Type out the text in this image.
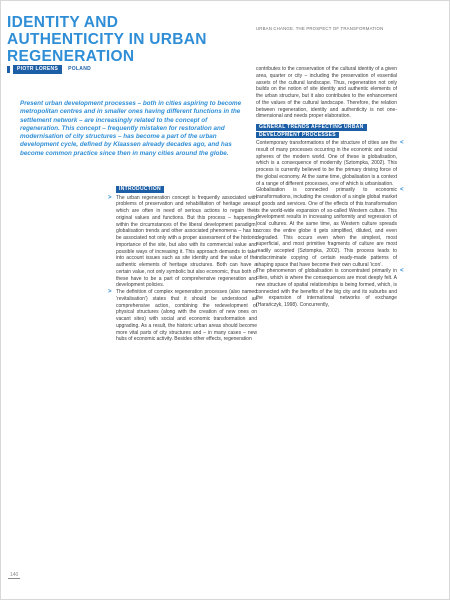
IDENTITY AND AUTHENTICITY IN URBAN REGENERATION
URBAN CHANGE. THE PROSPECT OF TRANSFORMATION
PIOTR LORENS	POLAND
Present urban development processes – both in cities aspiring to become metropolitan centres and in smaller ones having different functions in the settlement network – are increasingly related to the concept of regeneration. This concept – frequently mistaken for restoration and modernisation of city structures – has become a part of the urban development cycle, defined by Klaassen already decades ago, and has become common practice since then in many cities around the globe.
INTRODUCTION
> The urban regeneration concept is frequently associated with problems of preservation and rehabilitation of heritage areas, which are often in need of serious actions to regain their original values and functions. But this process – happening within the circumstances of the liberal development paradigm, globalisation trends and other associated phenomena – has to be associated not only with a proper assessment of the historic importance of the site, but also with its commercial value and possible ways of increasing it. This approach demands to take into account issues such as site identity and the value of the authentic elements of heritage structures. Both can have a certain value, not only symbolic but also economic, thus both of these have to be a part of comprehensive regeneration and development policies.

> The definition of complex regeneration processes (also named ‘revitalisation’) states that it should be understood as comprehensive action, combining the redevelopment of physical structures (along with the creation of new ones on vacant sites) with social and economic transformation and upgrading. As a result, the historic urban areas should become more vital parts of city structures and – in many cases – new hubs of economic activity. Besides other effects, regeneration

contributes to the conservation of the cultural identity of a given area, quarter or city – including the preservation of essential assets of the cultural landscape. Thus, regeneration not only builds on the notion of site identity and authentic elements of the urban structure, but it also contributes to the enhancement of the values of the cultural landscape. Therefore, the relation between regeneration, identity and authenticity is not one-dimensional and needs proper elaboration.

GENERAL TRENDS AFFECTING URBAN
DEVELOPMENT PROCESSES
<

Contemporary transformations of the structure of cities are the result of many processes occurring in the economic and social spheres of the modern world. One of these is globalisation, which is a consequence of modernity (Sztompka, 2002). This process is currently believed to be the primary driving force of the global economy. At the same time, globalisation is a context of a range of different processes, one of which is urbanisation.

<

Globalisation is connected primarily to economic transformations, including the creation of a single global market of goods and services. One of the effects of this transformation is the world-wide expansion of so-called Western culture. This development results in increasing uniformity and regression of local cultures. At the same time, as Western culture spreads across the entire globe it gets simplified, diluted, and even degraded. This occurs even when the simplest, most superficial, and most primitive fragments of culture are most readily accepted (Sztompka, 2002). This process leads to indiscriminate copying of certain ready-made patterns of shaping space that have become their own cultural ‘icon’.

<

The phenomenon of globalisation is concentrated primarily in cities, which is where the consequences are most deeply felt. A new structure of spatial relationships is being formed, which, is connected with the benefits of the big city and its suburbs and the expansion of international networks of exchange (Harańczyk, 1998). Concurrently,

140
